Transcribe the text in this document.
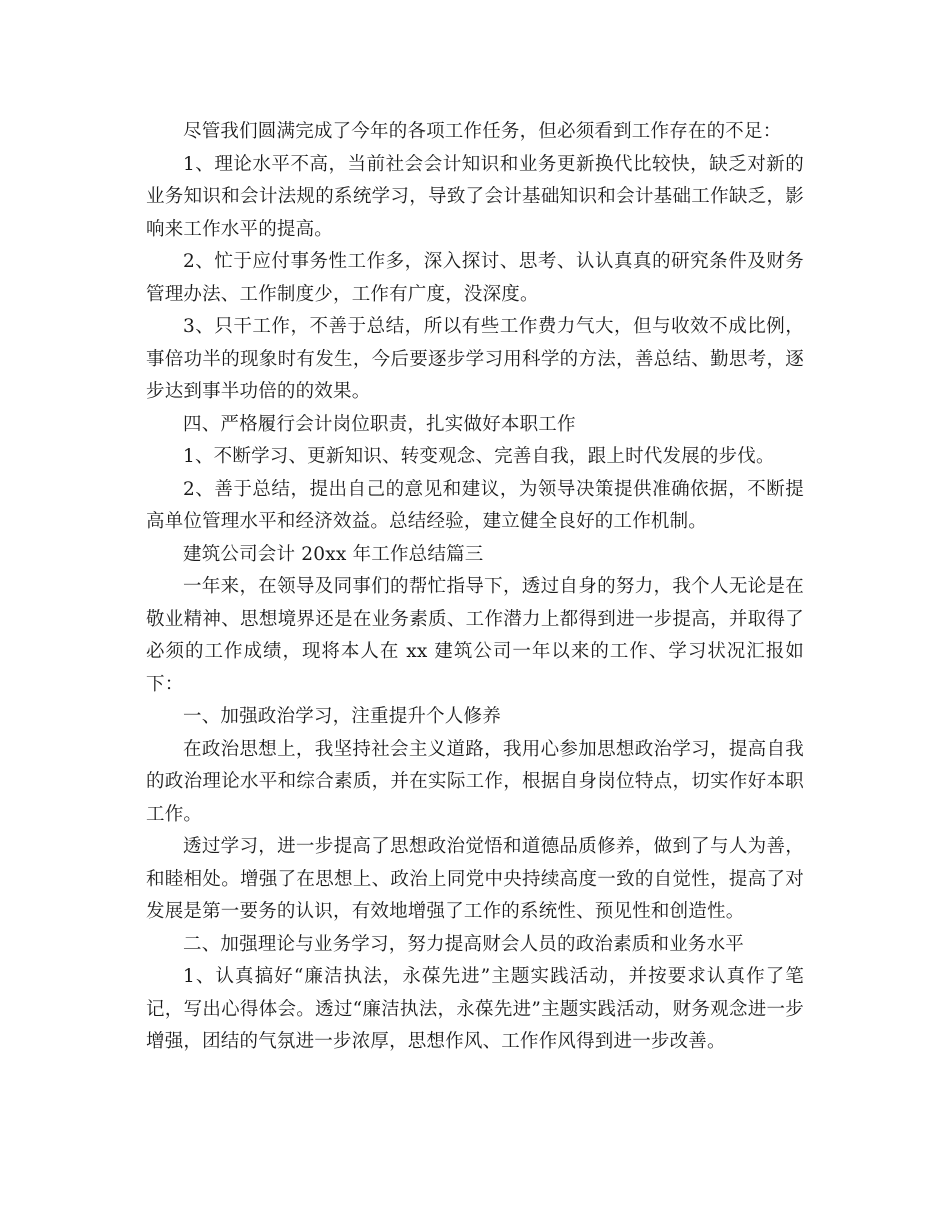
尽管我们圆满完成了今年的各项工作任务，但必须看到工作存在的不足：

1、理论水平不高，当前社会会计知识和业务更新换代比较快，缺乏对新的业务知识和会计法规的系统学习，导致了会计基础知识和会计基础工作缺乏，影响来工作水平的提高。

2、忙于应付事务性工作多，深入探讨、思考、认认真真的研究条件及财务管理办法、工作制度少，工作有广度，没深度。

3、只干工作，不善于总结，所以有些工作费力气大，但与收效不成比例，事倍功半的现象时有发生，今后要逐步学习用科学的方法，善总结、勤思考，逐步达到事半功倍的的效果。

四、严格履行会计岗位职责，扎实做好本职工作

1、不断学习、更新知识、转变观念、完善自我，跟上时代发展的步伐。

2、善于总结，提出自己的意见和建议，为领导决策提供准确依据，不断提高单位管理水平和经济效益。总结经验，建立健全良好的工作机制。

建筑公司会计 20xx 年工作总结篇三

一年来，在领导及同事们的帮忙指导下，透过自身的努力，我个人无论是在敬业精神、思想境界还是在业务素质、工作潜力上都得到进一步提高，并取得了必须的工作成绩，现将本人在 xx 建筑公司一年以来的工作、学习状况汇报如下：

一、加强政治学习，注重提升个人修养

在政治思想上，我坚持社会主义道路，我用心参加思想政治学习，提高自我的政治理论水平和综合素质，并在实际工作，根据自身岗位特点，切实作好本职工作。

透过学习，进一步提高了思想政治觉悟和道德品质修养，做到了与人为善，和睦相处。增强了在思想上、政治上同党中央持续高度一致的自觉性，提高了对发展是第一要务的认识，有效地增强了工作的系统性、预见性和创造性。

二、加强理论与业务学习，努力提高财会人员的政治素质和业务水平

1、认真搞好“廉洁执法，永葆先进”主题实践活动，并按要求认真作了笔记，写出心得体会。透过“廉洁执法，永葆先进”主题实践活动，财务观念进一步增强，团结的气氛进一步浓厚，思想作风、工作作风得到进一步改善。
